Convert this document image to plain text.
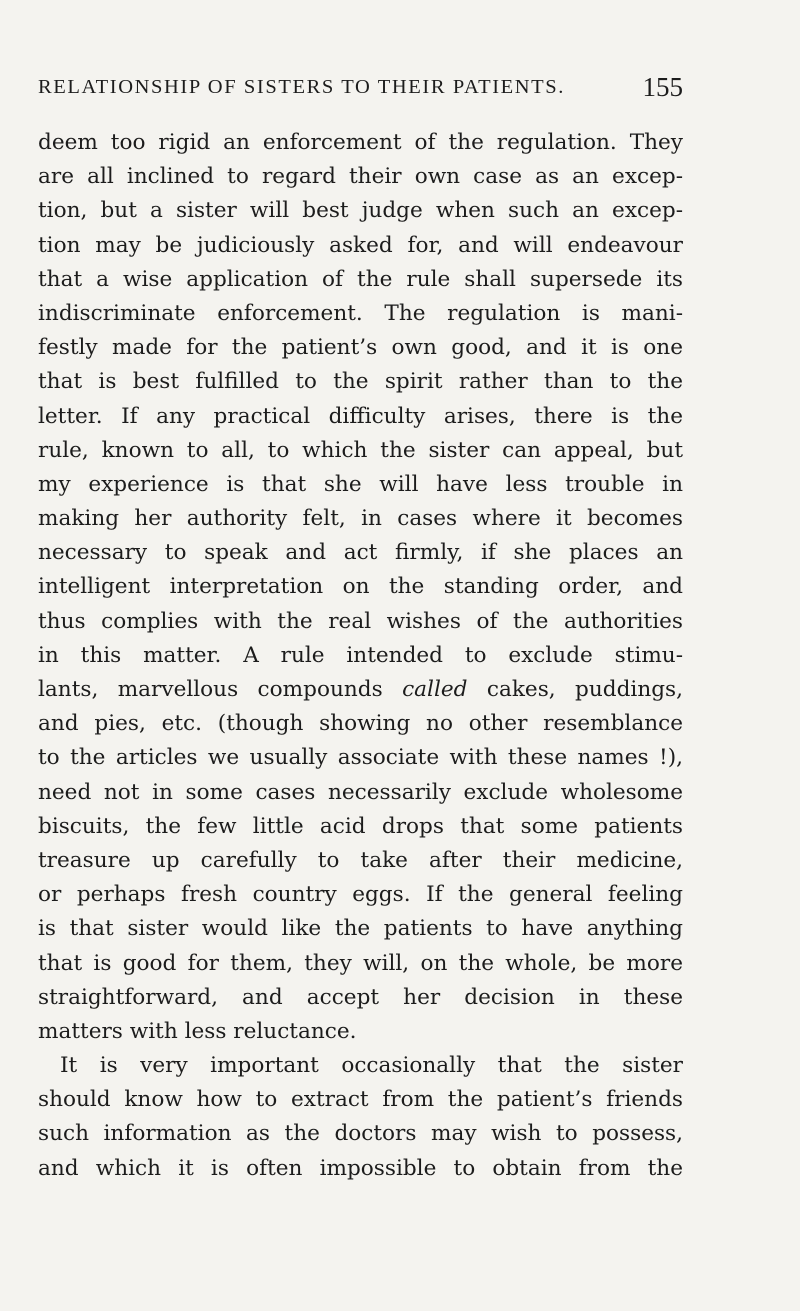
RELATIONSHIP OF SISTERS TO THEIR PATIENTS.	155
deem too rigid an enforcement of the regulation. They
are all inclined to regard their own case as an excep-
tion, but a sister will best judge when such an excep-
tion may be judiciously asked for, and will endeavour
that a wise application of the rule shall supersede its
indiscriminate enforcement. The regulation is mani-
festly made for the patient’s own good, and it is one
that is best fulfilled to the spirit rather than to the
letter. If any practical difficulty arises, there is the
rule, known to all, to which the sister can appeal, but
my experience is that she will have less trouble in
making her authority felt, in cases where it becomes
necessary to speak and act firmly, if she places an
intelligent interpretation on the standing order, and
thus complies with the real wishes of the authorities
in this matter. A rule intended to exclude stimu-
lants, marvellous compounds called cakes, puddings,
and pies, etc. (though showing no other resemblance
to the articles we usually associate with these names !),
need not in some cases necessarily exclude wholesome
biscuits, the few little acid drops that some patients
treasure up carefully to take after their medicine,
or perhaps fresh country eggs. If the general feeling
is that sister would like the patients to have anything
that is good for them, they will, on the whole, be more
straightforward, and accept her decision in these
matters with less reluctance.
It is very important occasionally that the sister
should know how to extract from the patient’s friends
such information as the doctors may wish to possess,
and which it is often impossible to obtain from the
